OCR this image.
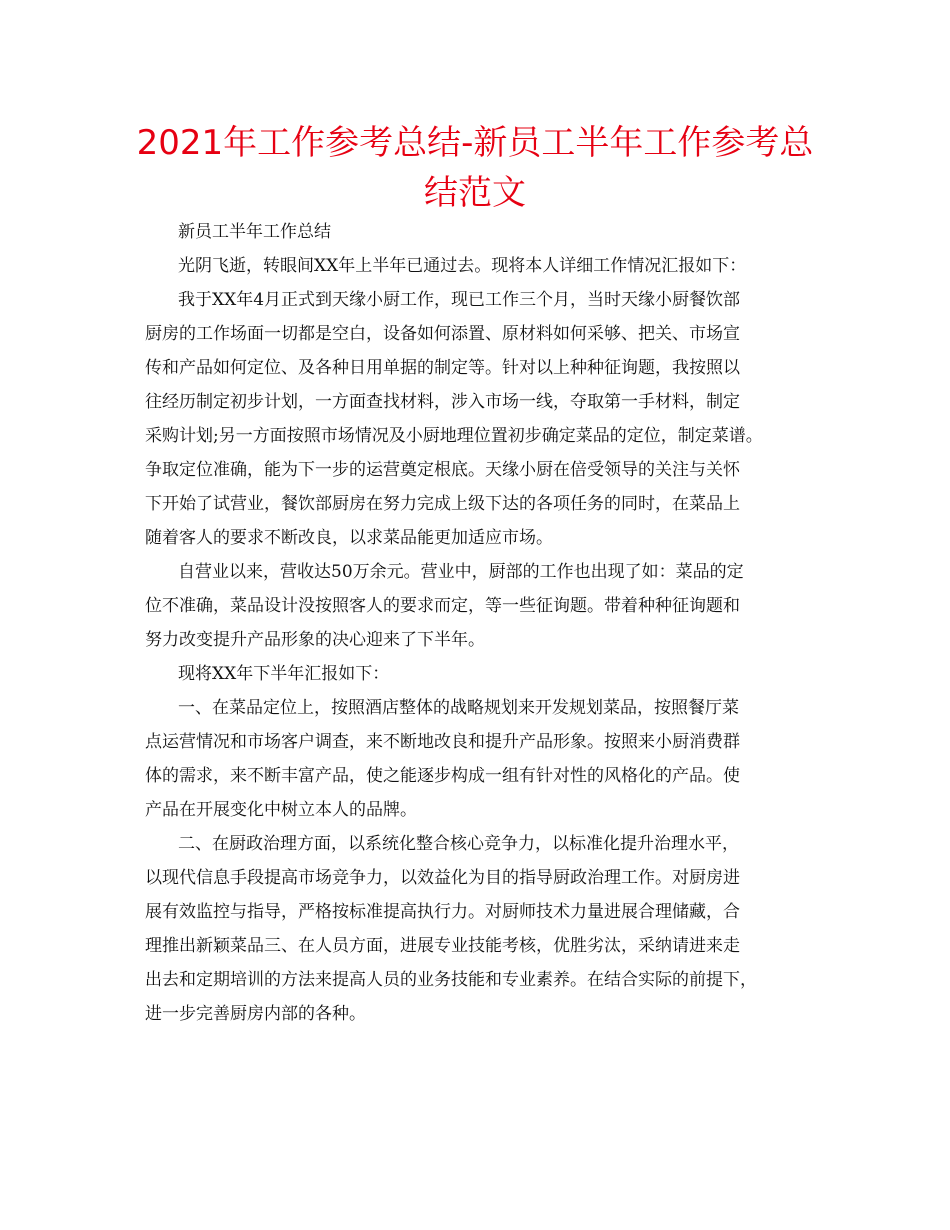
2021年工作参考总结-新员工半年工作参考总结范文
新员工半年工作总结
光阴飞逝，转眼间XX年上半年已通过去。现将本人详细工作情况汇报如下：
我于XX年4月正式到天缘小厨工作，现已工作三个月，当时天缘小厨餐饮部
厨房的工作场面一切都是空白，设备如何添置、原材料如何采够、把关、市场宣
传和产品如何定位、及各种日用单据的制定等。针对以上种种征询题，我按照以
往经历制定初步计划，一方面查找材料，涉入市场一线，夺取第一手材料，制定
采购计划;另一方面按照市场情况及小厨地理位置初步确定菜品的定位，制定菜谱。
争取定位准确，能为下一步的运营奠定根底。天缘小厨在倍受领导的关注与关怀
下开始了试营业，餐饮部厨房在努力完成上级下达的各项任务的同时，在菜品上
随着客人的要求不断改良，以求菜品能更加适应市场。
自营业以来，营收达50万余元。营业中，厨部的工作也出现了如：菜品的定
位不准确，菜品设计没按照客人的要求而定，等一些征询题。带着种种征询题和
努力改变提升产品形象的决心迎来了下半年。
现将XX年下半年汇报如下：
一、在菜品定位上，按照酒店整体的战略规划来开发规划菜品，按照餐厅菜
点运营情况和市场客户调查，来不断地改良和提升产品形象。按照来小厨消费群
体的需求，来不断丰富产品，使之能逐步构成一组有针对性的风格化的产品。使
产品在开展变化中树立本人的品牌。
二、在厨政治理方面，以系统化整合核心竞争力，以标准化提升治理水平，
以现代信息手段提高市场竞争力，以效益化为目的指导厨政治理工作。对厨房进
展有效监控与指导，严格按标准提高执行力。对厨师技术力量进展合理储藏，合
理推出新颖菜品三、在人员方面，进展专业技能考核，优胜劣汰，采纳请进来走
出去和定期培训的方法来提高人员的业务技能和专业素养。在结合实际的前提下，
进一步完善厨房内部的各种。
